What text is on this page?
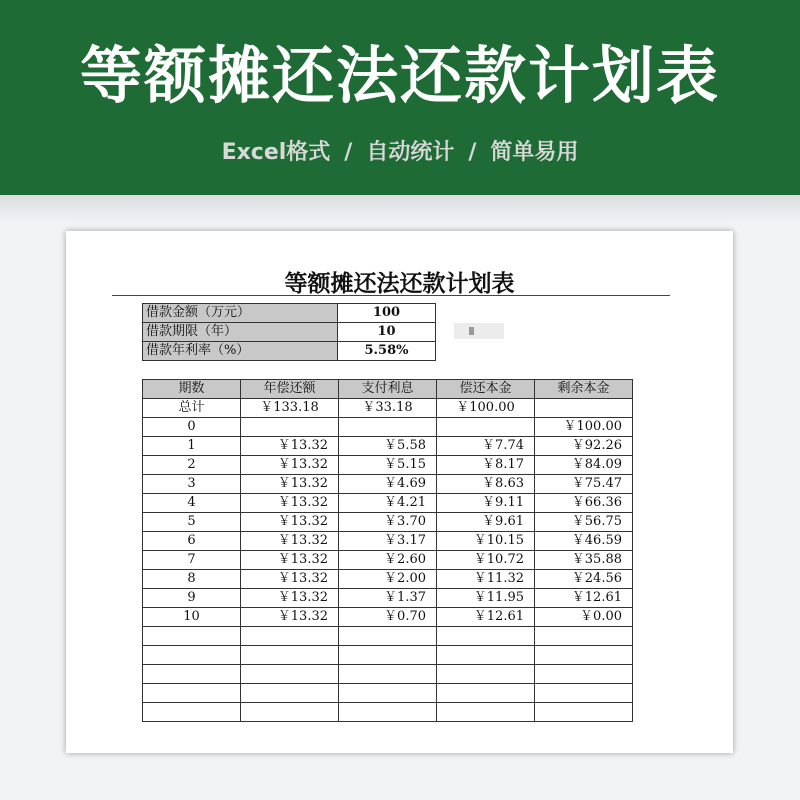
等额摊还法还款计划表
Excel格式 / 自动统计 / 简单易用
等额摊还法还款计划表
借款金额（万元）	100
借款期限（年）	10
借款年利率（%）	5.58%
期数	年偿还额	支付利息	偿还本金	剩余本金
总计	￥133.18	￥33.18	￥100.00	
0				￥100.00
1	￥13.32	￥5.58	￥7.74	￥92.26
2	￥13.32	￥5.15	￥8.17	￥84.09
3	￥13.32	￥4.69	￥8.63	￥75.47
4	￥13.32	￥4.21	￥9.11	￥66.36
5	￥13.32	￥3.70	￥9.61	￥56.75
6	￥13.32	￥3.17	￥10.15	￥46.59
7	￥13.32	￥2.60	￥10.72	￥35.88
8	￥13.32	￥2.00	￥11.32	￥24.56
9	￥13.32	￥1.37	￥11.95	￥12.61
10	￥13.32	￥0.70	￥12.61	￥0.00
